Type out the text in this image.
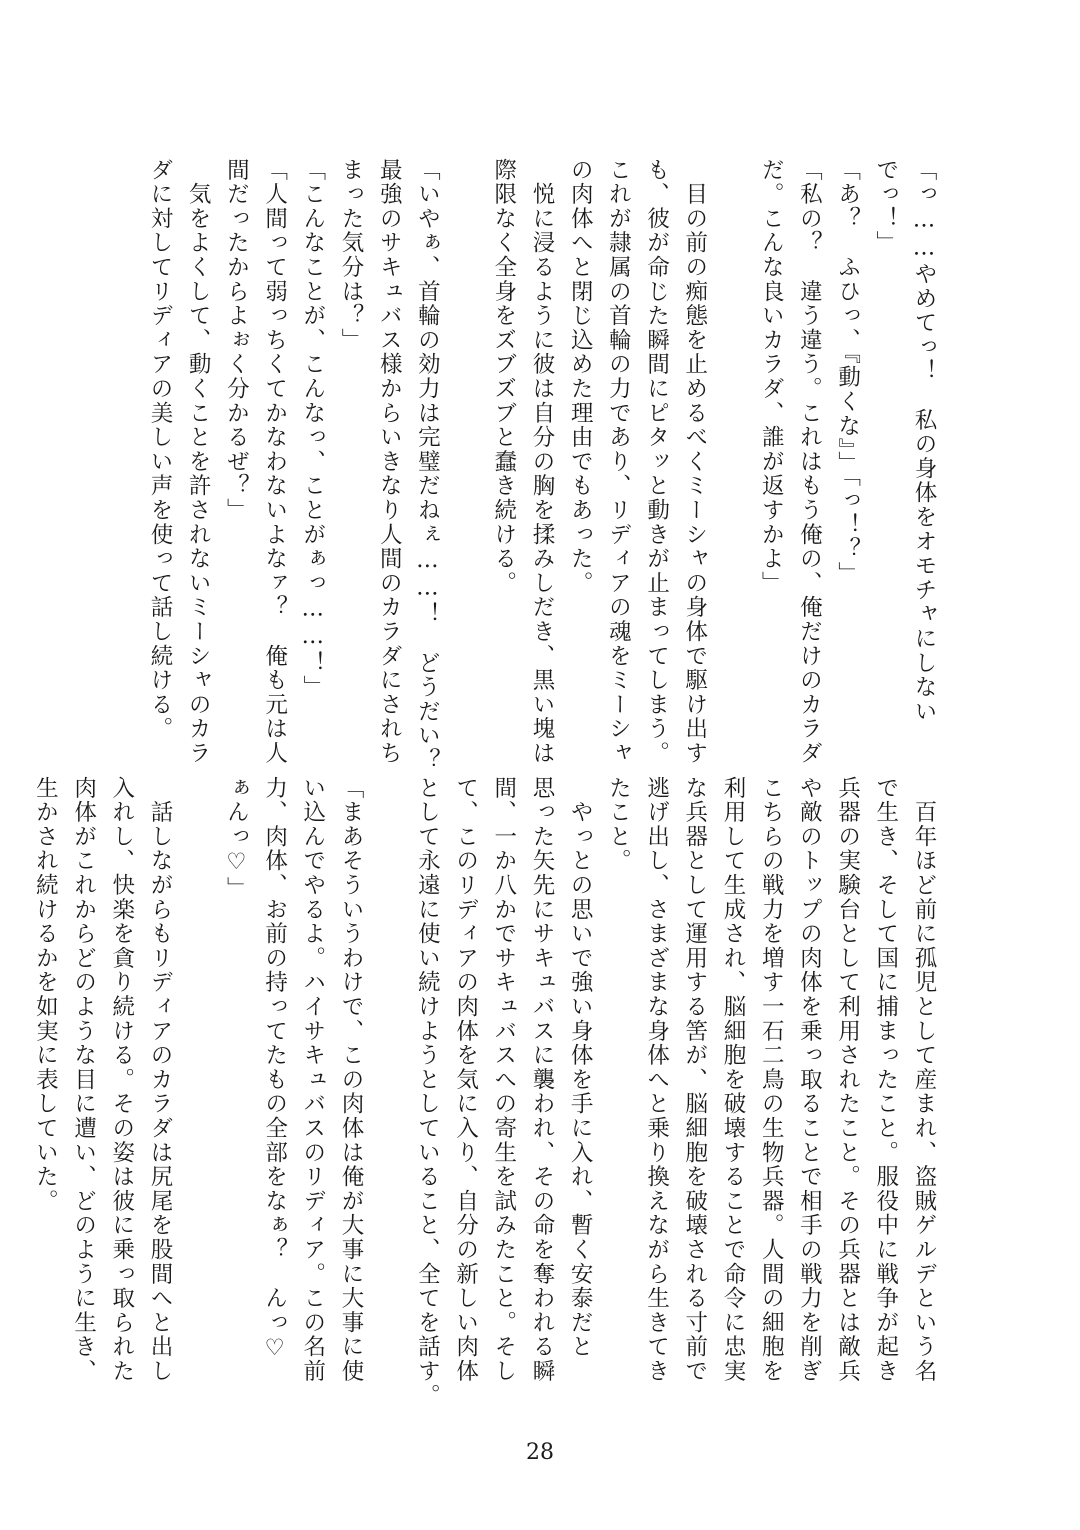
「っ……やめてっ！　私の身体をオモチャにしない
でっ！」
「あ？　ふひっ、『動くな』」「っ！？」
「私の？　違う違う。これはもう俺の、俺だけのカラダ
だ。こんな良いカラダ、誰が返すかよ」
　目の前の痴態を止めるべくミーシャの身体で駆け出す
も、彼が命じた瞬間にピタッと動きが止まってしまう。
これが隷属の首輪の力であり、リディアの魂をミーシャ
の肉体へと閉じ込めた理由でもあった。
　悦に浸るように彼は自分の胸を揉みしだき、黒い塊は
際限なく全身をズブズブと蠢き続ける。
「いやぁ、首輪の効力は完璧だねぇ……！　どうだい？
最強のサキュバス様からいきなり人間のカラダにされち
まった気分は？」
「こんなことが、こんなっ、ことがぁっ……！」
「人間って弱っちくてかなわないよなァ？　俺も元は人
間だったからよぉく分かるぜ？」
　気をよくして、動くことを許されないミーシャのカラ
ダに対してリディアの美しい声を使って話し続ける。
　百年ほど前に孤児として産まれ、盗賊ゲルデという名
で生き、そして国に捕まったこと。服役中に戦争が起き
兵器の実験台として利用されたこと。その兵器とは敵兵
や敵のトップの肉体を乗っ取ることで相手の戦力を削ぎ
こちらの戦力を増す一石二鳥の生物兵器。人間の細胞を
利用して生成され、脳細胞を破壊することで命令に忠実
な兵器として運用する筈が、脳細胞を破壊される寸前で
逃げ出し、さまざまな身体へと乗り換えながら生きてき
たこと。
　やっとの思いで強い身体を手に入れ、暫く安泰だと
思った矢先にサキュバスに襲われ、その命を奪われる瞬
間、一か八かでサキュバスへの寄生を試みたこと。そし
て、このリディアの肉体を気に入り、自分の新しい肉体
として永遠に使い続けようとしていること、全てを話す。
「まあそういうわけで、この肉体は俺が大事に大事に使
い込んでやるよ。ハイサキュバスのリディア。この名前
力、肉体、お前の持ってたもの全部をなぁ？　んっ♡
ぁんっ♡」
　話しながらもリディアのカラダは尻尾を股間へと出し
入れし、快楽を貪り続ける。その姿は彼に乗っ取られた
肉体がこれからどのような目に遭い、どのように生き、
生かされ続けるかを如実に表していた。
28
